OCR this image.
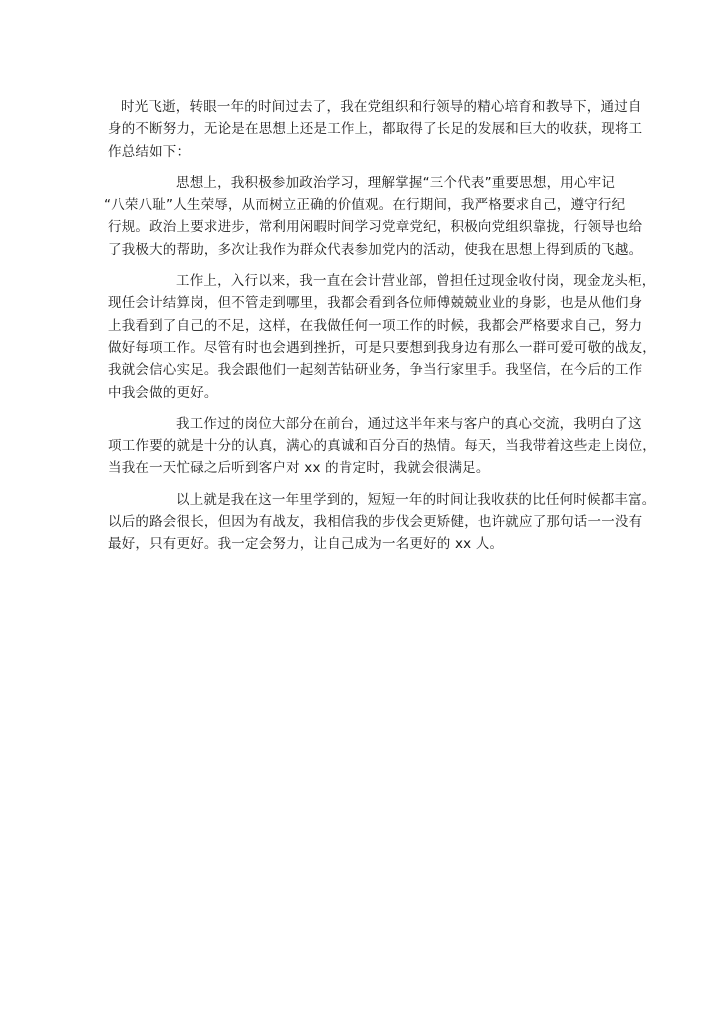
时光飞逝，转眼一年的时间过去了，我在党组织和行领导的精心培育和教导下，通过自
身的不断努力，无论是在思想上还是工作上，都取得了长足的发展和巨大的收获，现将工
作总结如下：

思想上，我积极参加政治学习，理解掌握“三个代表”重要思想，用心牢记
“八荣八耻”人生荣辱，从而树立正确的价值观。在行期间，我严格要求自己，遵守行纪
行规。政治上要求进步，常利用闲暇时间学习党章党纪，积极向党组织靠拢，行领导也给
了我极大的帮助，多次让我作为群众代表参加党内的活动，使我在思想上得到质的飞越。

工作上，入行以来，我一直在会计营业部，曾担任过现金收付岗，现金龙头柜，
现任会计结算岗，但不管走到哪里，我都会看到各位师傅兢兢业业的身影，也是从他们身
上我看到了自己的不足，这样，在我做任何一项工作的时候，我都会严格要求自己，努力
做好每项工作。尽管有时也会遇到挫折，可是只要想到我身边有那么一群可爱可敬的战友，
我就会信心实足。我会跟他们一起刻苦钻研业务，争当行家里手。我坚信，在今后的工作
中我会做的更好。

我工作过的岗位大部分在前台，通过这半年来与客户的真心交流，我明白了这
项工作要的就是十分的认真，满心的真诚和百分百的热情。每天，当我带着这些走上岗位，
当我在一天忙碌之后听到客户对 xx 的肯定时，我就会很满足。

以上就是我在这一年里学到的，短短一年的时间让我收获的比任何时候都丰富。
以后的路会很长，但因为有战友，我相信我的步伐会更矫健，也许就应了那句话一一没有
最好，只有更好。我一定会努力，让自己成为一名更好的 xx 人。
